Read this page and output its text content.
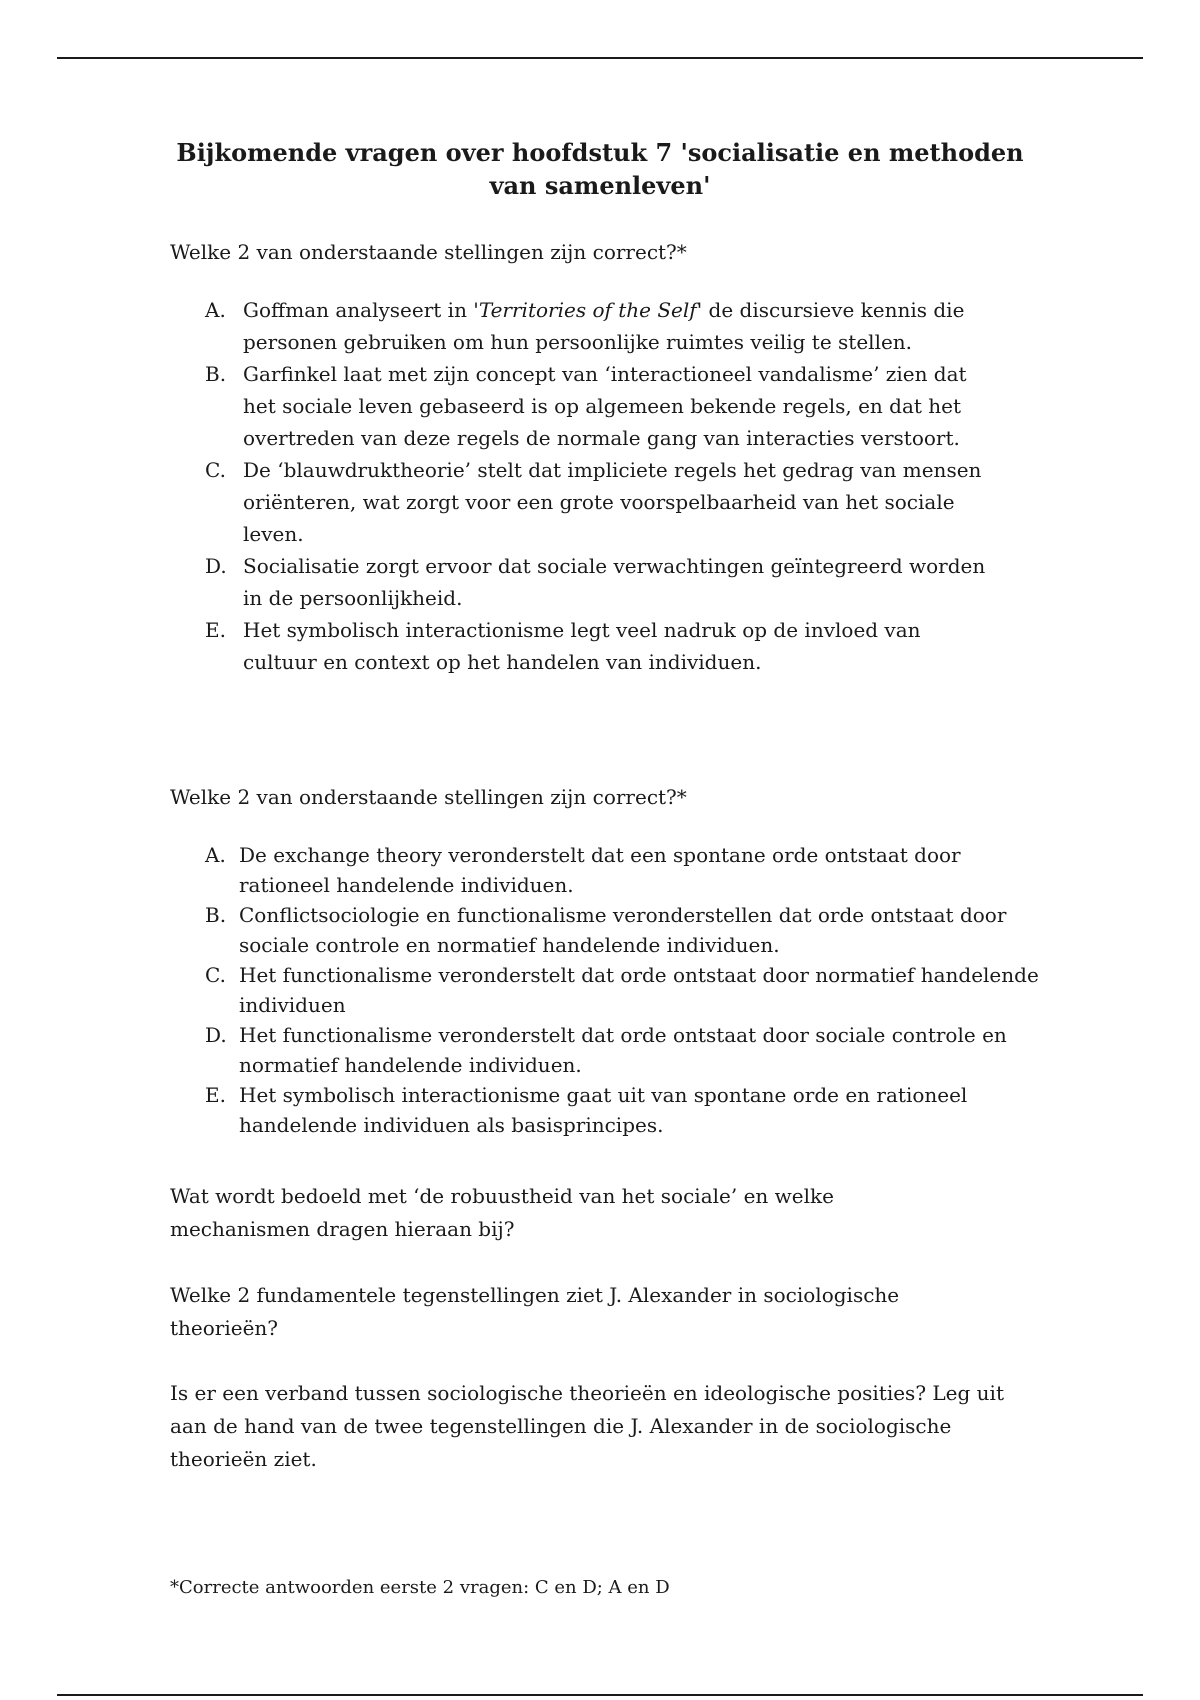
Bijkomende vragen over hoofdstuk 7 'socialisatie en methoden van samenleven'

Welke 2 van onderstaande stellingen zijn correct?*

A. Goffman analyseert in 'Territories of the Self' de discursieve kennis die personen gebruiken om hun persoonlijke ruimtes veilig te stellen.
B. Garfinkel laat met zijn concept van ‘interactioneel vandalisme’ zien dat het sociale leven gebaseerd is op algemeen bekende regels, en dat het overtreden van deze regels de normale gang van interacties verstoort.
C. De ‘blauwdruktheorie’ stelt dat impliciete regels het gedrag van mensen oriënteren, wat zorgt voor een grote voorspelbaarheid van het sociale leven.
D. Socialisatie zorgt ervoor dat sociale verwachtingen geïntegreerd worden in de persoonlijkheid.
E. Het symbolisch interactionisme legt veel nadruk op de invloed van cultuur en context op het handelen van individuen.

Welke 2 van onderstaande stellingen zijn correct?*

A. De exchange theory veronderstelt dat een spontane orde ontstaat door rationeel handelende individuen.
B. Conflictsociologie en functionalisme veronderstellen dat orde ontstaat door sociale controle en normatief handelende individuen.
C. Het functionalisme veronderstelt dat orde ontstaat door normatief handelende individuen
D. Het functionalisme veronderstelt dat orde ontstaat door sociale controle en normatief handelende individuen.
E. Het symbolisch interactionisme gaat uit van spontane orde en rationeel handelende individuen als basisprincipes.

Wat wordt bedoeld met ‘de robuustheid van het sociale’ en welke mechanismen dragen hieraan bij?

Welke 2 fundamentele tegenstellingen ziet J. Alexander in sociologische theorieën?

Is er een verband tussen sociologische theorieën en ideologische posities? Leg uit aan de hand van de twee tegenstellingen die J. Alexander in de sociologische theorieën ziet.

*Correcte antwoorden eerste 2 vragen: C en D; A en D
